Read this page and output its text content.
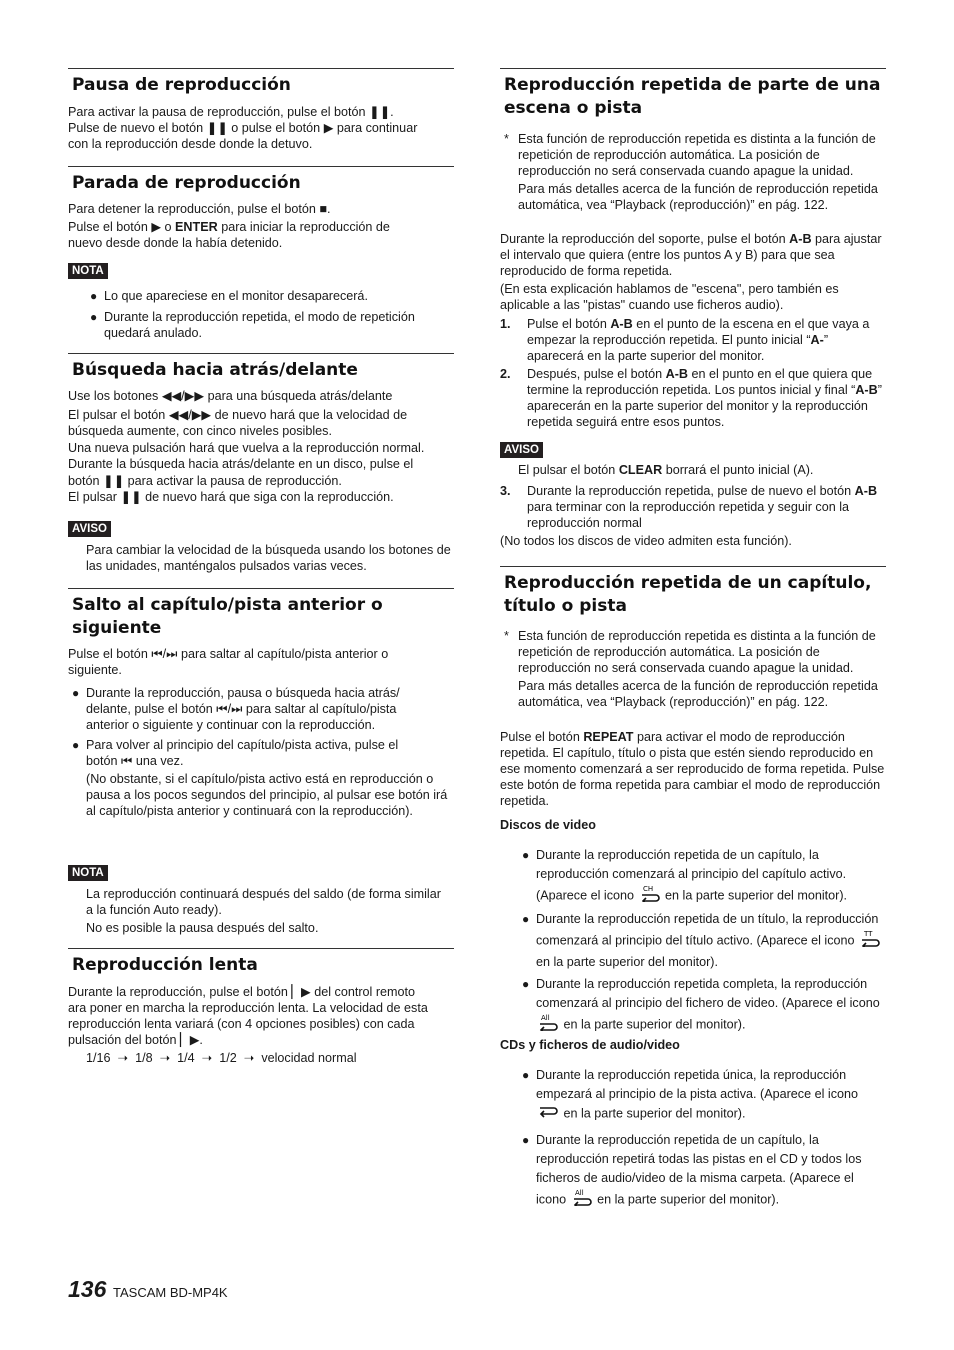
Pausa de reproducción
Para activar la pausa de reproducción, pulse el botón ❚❚.
Pulse de nuevo el botón ❚❚ o pulse el botón ▶ para continuar
con la reproducción desde donde la detuvo.
Parada de reproducción
Para detener la reproducción, pulse el botón ■.

Pulse el botón ▶ o ENTER para iniciar la reproducción de
nuevo desde donde la había detenido.
NOTA
● Lo que apareciese en el monitor desaparecerá.
● Durante la reproducción repetida, el modo de repetición quedará anulado.
Búsqueda hacia atrás/delante
Use los botones ◀◀/▶▶ para una búsqueda atrás/delante

El pulsar el botón ◀◀/▶▶ de nuevo hará que la velocidad de
búsqueda aumente, con cinco niveles posibles.
Una nueva pulsación hará que vuelva a la reproducción normal.
Durante la búsqueda hacia atrás/delante en un disco, pulse el
botón ❚❚ para activar la pausa de reproducción.
El pulsar ❚❚ de nuevo hará que siga con la reproducción.
AVISO
Para cambiar la velocidad de la búsqueda usando los botones de las unidades, manténgalos pulsados varias veces.
Salto al capítulo/pista anterior o siguiente
Pulse el botón ⏮/⏭ para saltar al capítulo/pista anterior o
siguiente.
● Durante la reproducción, pausa o búsqueda hacia atrás/
delante, pulse el botón ⏮/⏭ para saltar al capítulo/pista
anterior o siguiente y continuar con la reproducción.
● Para volver al principio del capítulo/pista activa, pulse el
botón ⏮ una vez.

(No obstante, si el capítulo/pista activo está en reproducción o pausa a los pocos segundos del principio, al pulsar ese botón irá al capítulo/pista anterior y continuará con la reproducción).
NOTA
La reproducción continuará después del saldo (de forma similar a la función Auto ready).
No es posible la pausa después del salto.
Reproducción lenta
Durante la reproducción, pulse el botón ▏▶ del control remoto
ara poner en marcha la reproducción lenta. La velocidad de esta reproducción lenta variará (con 4 opciones posibles) con cada
pulsación del botón ▏▶.
1/16  ➝  1/8  ➝  1/4  ➝  1/2  ➝  velocidad normal
Reproducción repetida de parte de una escena o pista
* Esta función de reproducción repetida es distinta a la función de repetición de reproducción automática. La posición de reproducción no será conservada cuando apague la unidad.
Para más detalles acerca de la función de reproducción repetida automática, vea “Playback (reproducción)” en pág. 122.
Durante la reproducción del soporte, pulse el botón A-B para ajustar el intervalo que quiera (entre los puntos A y B) para que sea reproducido de forma repetida.
(En esta explicación hablamos de "escena", pero también es aplicable a las "pistas" cuando use ficheros audio).
1.	Pulse el botón A-B en el punto de la escena en el que vaya a empezar la reproducción repetida. El punto inicial “A-” aparecerá en la parte superior del monitor.
2.	Después, pulse el botón A-B en el punto en el que quiera que termine la reproducción repetida. Los puntos inicial y final “A-B” aparecerán en la parte superior del monitor y la reproducción repetida seguirá entre esos puntos.
AVISO
El pulsar el botón CLEAR borrará el punto inicial (A).
3.	Durante la reproducción repetida, pulse de nuevo el botón A-B para terminar con la reproducción repetida y seguir con la reproducción normal
(No todos los discos de video admiten esta función).
Reproducción repetida de un capítulo, título o pista
* Esta función de reproducción repetida es distinta a la función de repetición de reproducción automática. La posición de reproducción no será conservada cuando apague la unidad.
Para más detalles acerca de la función de reproducción repetida automática, vea “Playback (reproducción)” en pág. 122.
Pulse el botón REPEAT para activar el modo de reproducción repetida. El capítulo, título o pista que estén siendo reproducido en ese momento comenzará a ser reproducido de forma repetida. Pulse este botón de forma repetida para cambiar el modo de reproducción repetida.
Discos de video
● Durante la reproducción repetida de un capítulo, la reproducción comenzará al principio del capítulo activo. (Aparece el icono CH en la parte superior del monitor).
● Durante la reproducción repetida de un título, la reproducción comenzará al principio del título activo. (Aparece el icono TT
en la parte superior del monitor).
● Durante la reproducción repetida completa, la reproducción comenzará al principio del fichero de video. (Aparece el icono
All en la parte superior del monitor).
CDs y ficheros de audio/video
● Durante la reproducción repetida única, la reproducción empezará al principio de la pista activa. (Aparece el icono
en la parte superior del monitor).
● Durante la reproducción repetida de un capítulo, la reproducción repetirá todas las pistas en el CD y todos los ficheros de audio/video de la misma carpeta. (Aparece el icono All en la parte superior del monitor).
136 TASCAM BD-MP4K
